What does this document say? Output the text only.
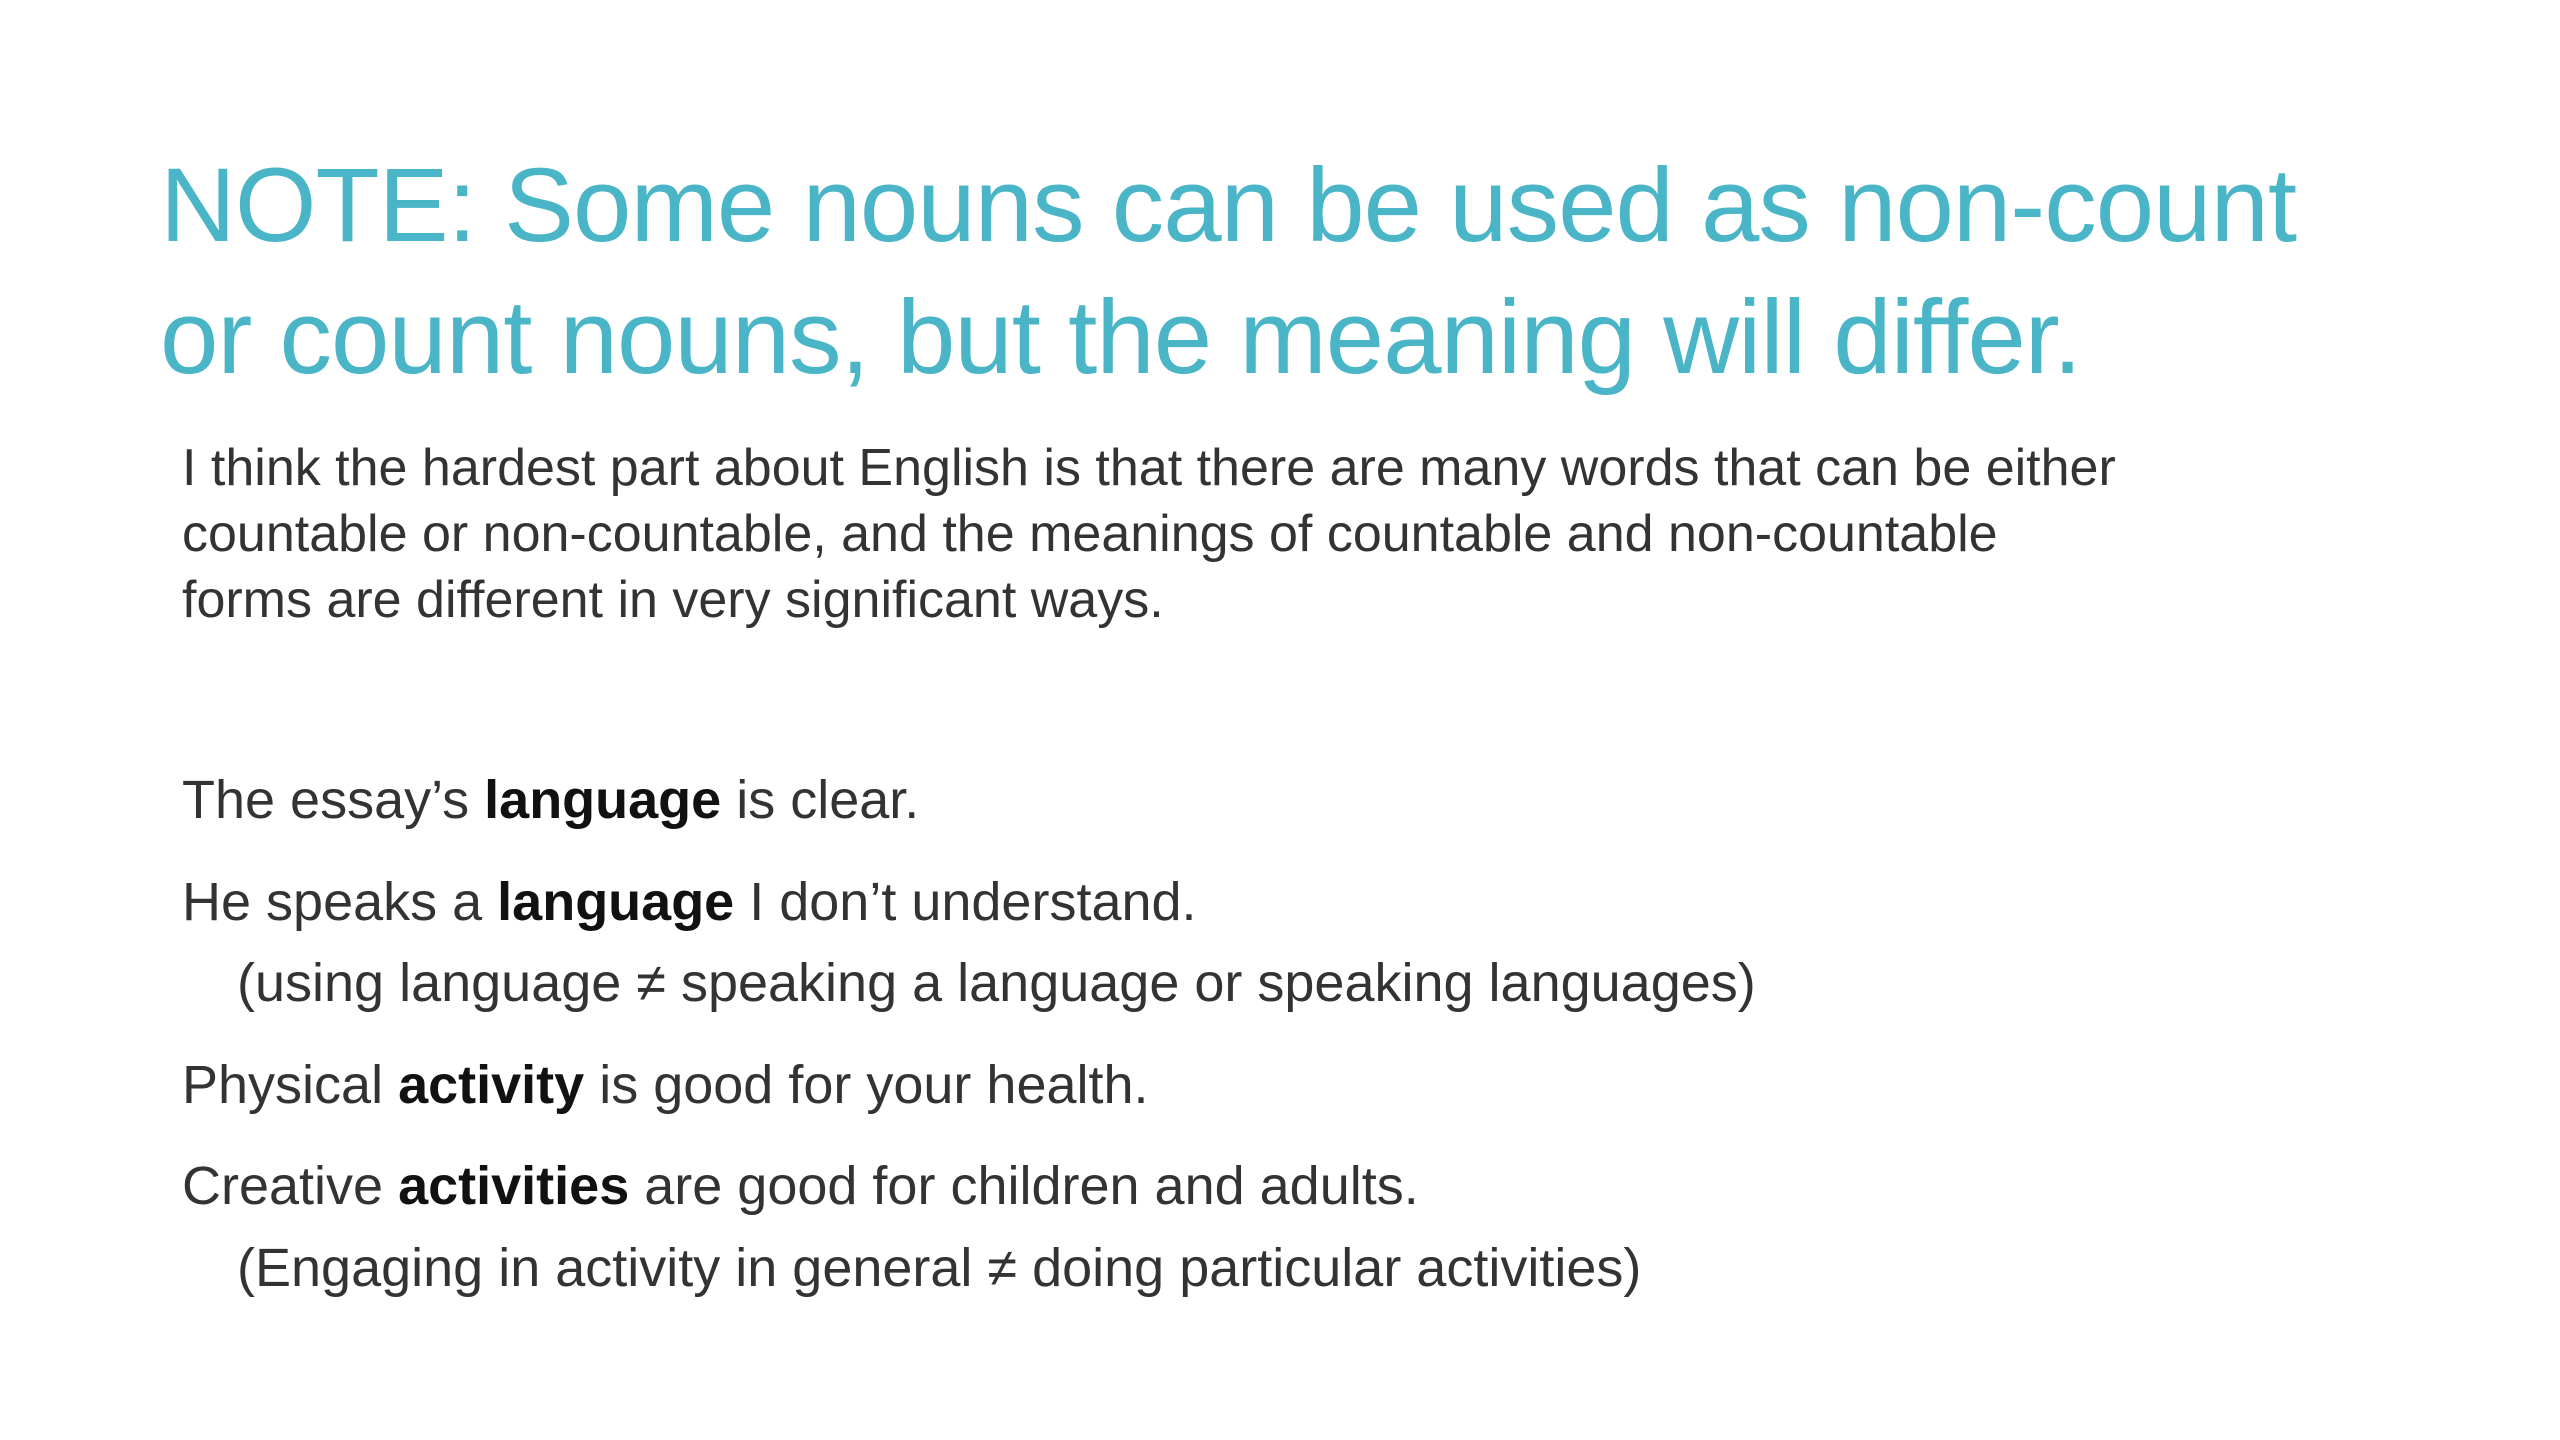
NOTE: Some nouns can be used as non-count
or count nouns, but the meaning will differ.

I think the hardest part about English is that there are many words that can be either
countable or non-countable, and the meanings of countable and non-countable
forms are different in very significant ways.

The essay’s language is clear.
He speaks a language I don’t understand.
(using language ≠ speaking a language or speaking languages)
Physical activity is good for your health.
Creative activities are good for children and adults.
(Engaging in activity in general ≠ doing particular activities)
